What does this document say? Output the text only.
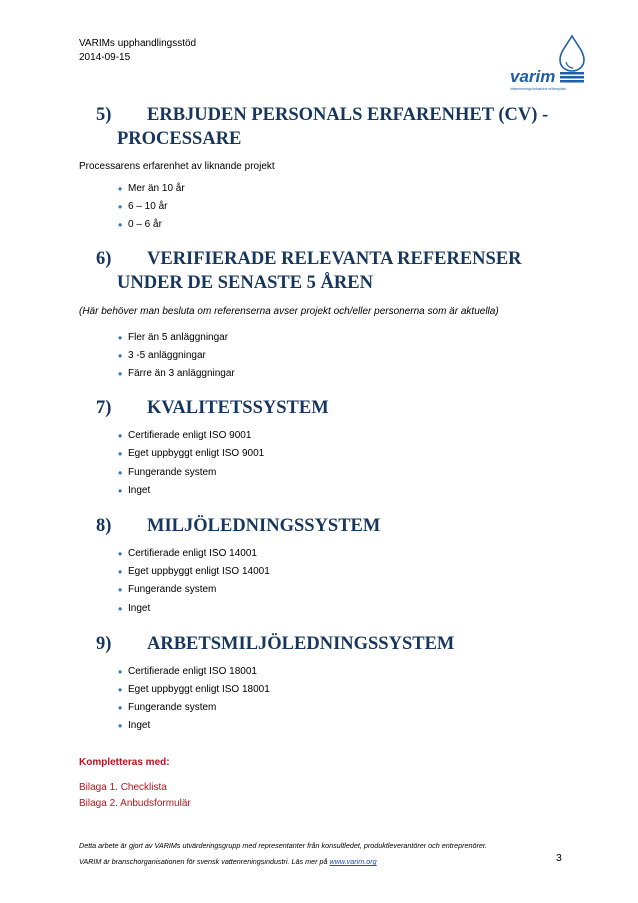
VARIMs upphandlingsstöd
2014-09-15
varim
Vattenreningsindustrins mötesplats
5)	ERBJUDEN PERSONALS ERFARENHET (CV) -
PROCESSARE

Processarens erfarenhet av liknande projekt

• Mer än 10 år
• 6 – 10 år
• 0 – 6 år
6)	VERIFIERADE RELEVANTA REFERENSER
UNDER DE SENASTE 5 ÅREN

(Här behöver man besluta om referenserna avser projekt och/eller personerna som är aktuella)

• Fler än 5 anläggningar
• 3 -5 anläggningar
• Färre än 3 anläggningar
7)	KVALITETSSYSTEM
• Certifierade enligt ISO 9001
• Eget uppbyggt enligt ISO 9001
• Fungerande system
• Inget
8)	MILJÖLEDNINGSSYSTEM
• Certifierade enligt ISO 14001
• Eget uppbyggt enligt ISO 14001
• Fungerande system
• Inget
9)	ARBETSMILJÖLEDNINGSSYSTEM
• Certifierade enligt ISO 18001
• Eget uppbyggt enligt ISO 18001
• Fungerande system
• Inget
Kompletteras med:
Bilaga 1. Checklista
Bilaga 2. Anbudsformulär
Detta arbete är gjort av VARIMs utvärderingsgrupp med representanter från konsultledet, produktleverantörer och entreprenörer.
VARIM är branschorganisationen för svensk vattenreningsindustri. Läs mer på www.varim.org	3
